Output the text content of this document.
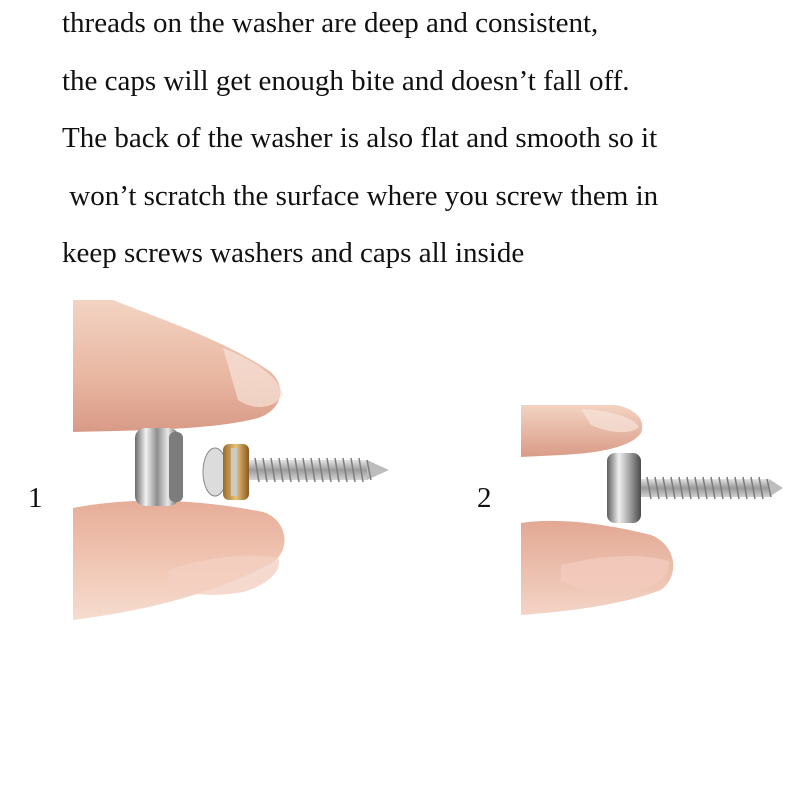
threads on the washer are deep and consistent,
the caps will get enough bite and doesn’t fall off.
The back of the washer is also flat and smooth so it
won’t scratch the surface where you screw them in
keep screws washers and caps all inside
1	2
